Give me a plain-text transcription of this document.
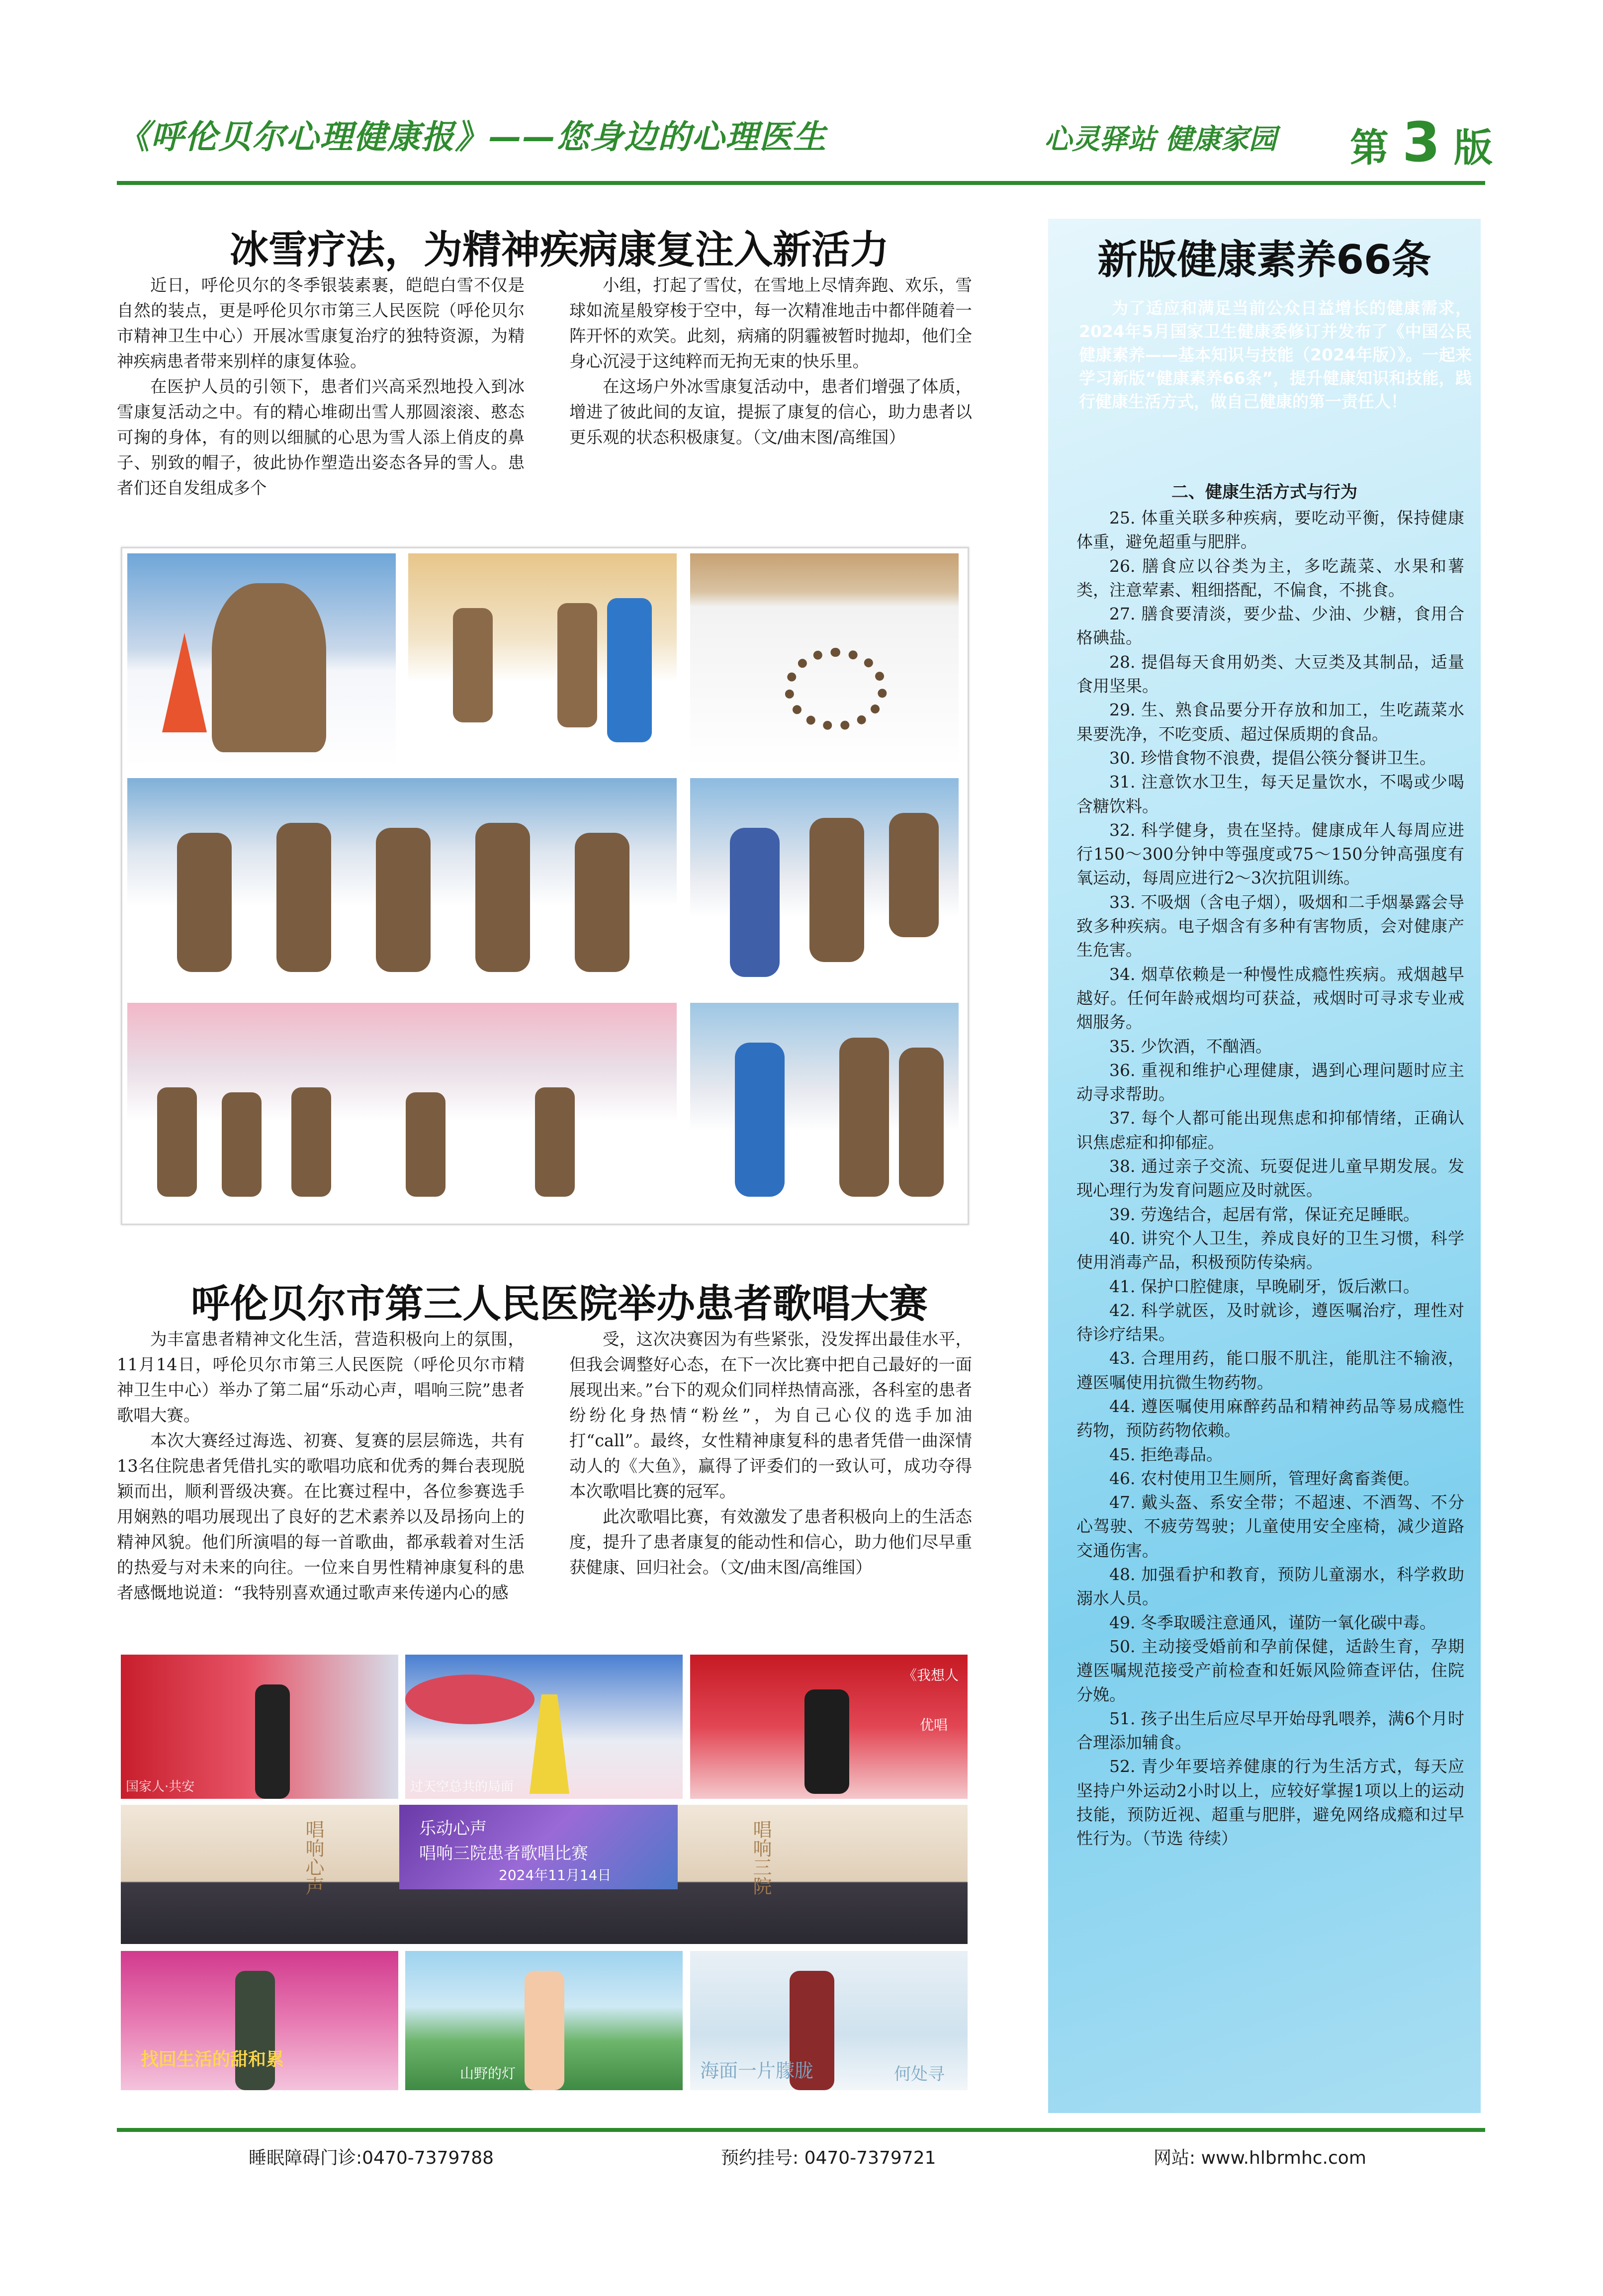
《呼伦贝尔心理健康报》——您身边的心理医生	心灵驿站 健康家园 第 3 版
冰雪疗法，为精神疾病康复注入新活力

近日，呼伦贝尔的冬季银装素裹，皑皑白雪不仅是自然的装点，更是呼伦贝尔市第三人民医院（呼伦贝尔市精神卫生中心）开展冰雪康复治疗的独特资源，为精神疾病患者带来别样的康复体验。

在医护人员的引领下，患者们兴高采烈地投入到冰雪康复活动之中。有的精心堆砌出雪人那圆滚滚、憨态可掬的身体，有的则以细腻的心思为雪人添上俏皮的鼻子、别致的帽子，彼此协作塑造出姿态各异的雪人。患者们还自发组成多个

小组，打起了雪仗，在雪地上尽情奔跑、欢乐，雪球如流星般穿梭于空中，每一次精准地击中都伴随着一阵开怀的欢笑。此刻，病痛的阴霾被暂时抛却，他们全身心沉浸于这纯粹而无拘无束的快乐里。

在这场户外冰雪康复活动中，患者们增强了体质，增进了彼此间的友谊，提振了康复的信心，助力患者以更乐观的状态积极康复。（文/曲末图/高维国）

呼伦贝尔市第三人民医院举办患者歌唱大赛

为丰富患者精神文化生活，营造积极向上的氛围，11月14日，呼伦贝尔市第三人民医院（呼伦贝尔市精神卫生中心）举办了第二届“乐动心声，唱响三院”患者歌唱大赛。

本次大赛经过海选、初赛、复赛的层层筛选，共有13名住院患者凭借扎实的歌唱功底和优秀的舞台表现脱颖而出，顺利晋级决赛。在比赛过程中，各位参赛选手用娴熟的唱功展现出了良好的艺术素养以及昂扬向上的精神风貌。他们所演唱的每一首歌曲，都承载着对生活的热爱与对未来的向往。一位来自男性精神康复科的患者感慨地说道：“我特别喜欢通过歌声来传递内心的感

受，这次决赛因为有些紧张，没发挥出最佳水平，但我会调整好心态，在下一次比赛中把自己最好的一面展现出来。”台下的观众们同样热情高涨，各科室的患者纷纷化身热情“粉丝”，为自己心仪的选手加油打“call”。最终，女性精神康复科的患者凭借一曲深情动人的《大鱼》，赢得了评委们的一致认可，成功夺得本次歌唱比赛的冠军。

此次歌唱比赛，有效激发了患者积极向上的生活态度，提升了患者康复的能动性和信心，助力他们尽早重获健康、回归社会。（文/曲末图/高维国）

国家人·共安	过天空总共的局面
《我想人
优唱
唱响心声	唱响三院
乐动心声
唱响三院患者歌唱比赛
2024年11月14日
找回生活的甜和累
山野的灯	海面一片朦胧	何处寻
新版健康素养66条
为了适应和满足当前公众日益增长的健康需求，2024年5月国家卫生健康委修订并发布了《中国公民健康素养——基本知识与技能（2024年版）》。一起来学习新版“健康素养66条”，提升健康知识和技能，践行健康生活方式，做自己健康的第一责任人！
二、健康生活方式与行为

25. 体重关联多种疾病，要吃动平衡，保持健康体重，避免超重与肥胖。

26. 膳食应以谷类为主，多吃蔬菜、水果和薯类，注意荤素、粗细搭配，不偏食，不挑食。

27. 膳食要清淡，要少盐、少油、少糖，食用合格碘盐。

28. 提倡每天食用奶类、大豆类及其制品，适量食用坚果。

29. 生、熟食品要分开存放和加工，生吃蔬菜水果要洗净，不吃变质、超过保质期的食品。

30. 珍惜食物不浪费，提倡公筷分餐讲卫生。

31. 注意饮水卫生，每天足量饮水，不喝或少喝含糖饮料。

32. 科学健身，贵在坚持。健康成年人每周应进行150～300分钟中等强度或75～150分钟高强度有氧运动，每周应进行2～3次抗阻训练。

33. 不吸烟（含电子烟），吸烟和二手烟暴露会导致多种疾病。电子烟含有多种有害物质，会对健康产生危害。

34. 烟草依赖是一种慢性成瘾性疾病。戒烟越早越好。任何年龄戒烟均可获益，戒烟时可寻求专业戒烟服务。

35. 少饮酒，不酗酒。

36. 重视和维护心理健康，遇到心理问题时应主动寻求帮助。

37. 每个人都可能出现焦虑和抑郁情绪，正确认识焦虑症和抑郁症。

38. 通过亲子交流、玩耍促进儿童早期发展。发现心理行为发育问题应及时就医。

39. 劳逸结合，起居有常，保证充足睡眠。

40. 讲究个人卫生，养成良好的卫生习惯，科学使用消毒产品，积极预防传染病。

41. 保护口腔健康，早晚刷牙，饭后漱口。

42. 科学就医，及时就诊，遵医嘱治疗，理性对待诊疗结果。

43. 合理用药，能口服不肌注，能肌注不输液，遵医嘱使用抗微生物药物。

44. 遵医嘱使用麻醉药品和精神药品等易成瘾性药物，预防药物依赖。

45. 拒绝毒品。

46. 农村使用卫生厕所，管理好禽畜粪便。

47. 戴头盔、系安全带；不超速、不酒驾、不分心驾驶、不疲劳驾驶；儿童使用安全座椅，减少道路交通伤害。

48. 加强看护和教育，预防儿童溺水，科学救助溺水人员。

49. 冬季取暖注意通风，谨防一氧化碳中毒。

50. 主动接受婚前和孕前保健，适龄生育，孕期遵医嘱规范接受产前检查和妊娠风险筛查评估，住院分娩。

51. 孩子出生后应尽早开始母乳喂养，满6个月时合理添加辅食。

52. 青少年要培养健康的行为生活方式，每天应坚持户外运动2小时以上，应较好掌握1项以上的运动技能，预防近视、超重与肥胖，避免网络成瘾和过早性行为。（节选 待续）

睡眠障碍门诊:0470-7379788	预约挂号: 0470-7379721	网站: www.hlbrmhc.com
